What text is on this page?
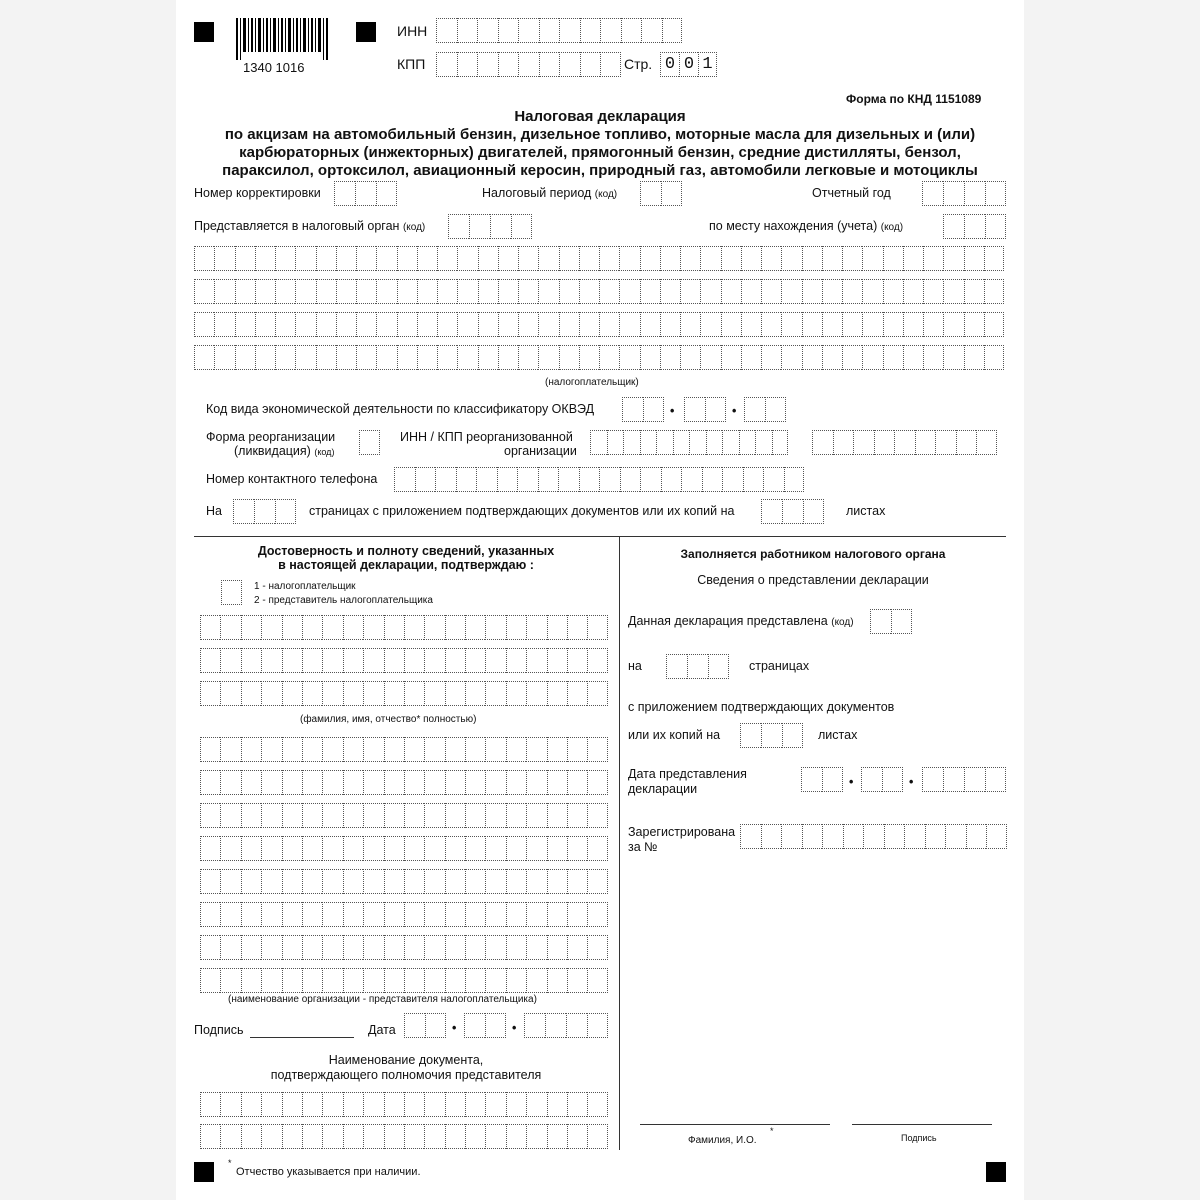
1340 1016
ИНН
КПП	Стр. 0 0 1
Форма по КНД 1151089
Налоговая декларация
по акцизам на автомобильный бензин, дизельное топливо, моторные масла для дизельных и (или)
карбюраторных (инжекторных) двигателей, прямогонный бензин, средние дистилляты, бензол,
параксилол, ортоксилол, авиационный керосин, природный газ, автомобили легковые и мотоциклы
Номер корректировки	Налоговый период (код)	Отчетный год
Представляется в налоговый орган (код)	по месту нахождения (учета) (код)
(налогоплательщик)
Код вида экономической деятельности по классификатору ОКВЭД	•	•
Форма реорганизации
(ликвидация) (код)
ИНН / КПП реорганизованной
организации
Номер контактного телефона
На	страницах с приложением подтверждающих документов или их копий на	листах
Достоверность и полноту сведений, указанных
в настоящей декларации, подтверждаю :
1 - налогоплательщик
2 - представитель налогоплательщика
(фамилия, имя, отчество* полностью)
(наименование организации - представителя налогоплательщика)
Подпись	Дата	•	•
Наименование документа,
подтверждающего полномочия представителя
Заполняется работником налогового органа
Сведения о представлении декларации
Данная декларация представлена (код)
на	страницах
с приложением подтверждающих документов
или их копий на	листах
Дата представления
декларации	•	•
Зарегистрирована
за №
Фамилия, И.О.
*
Подпись
*
Отчество указывается при наличии.
